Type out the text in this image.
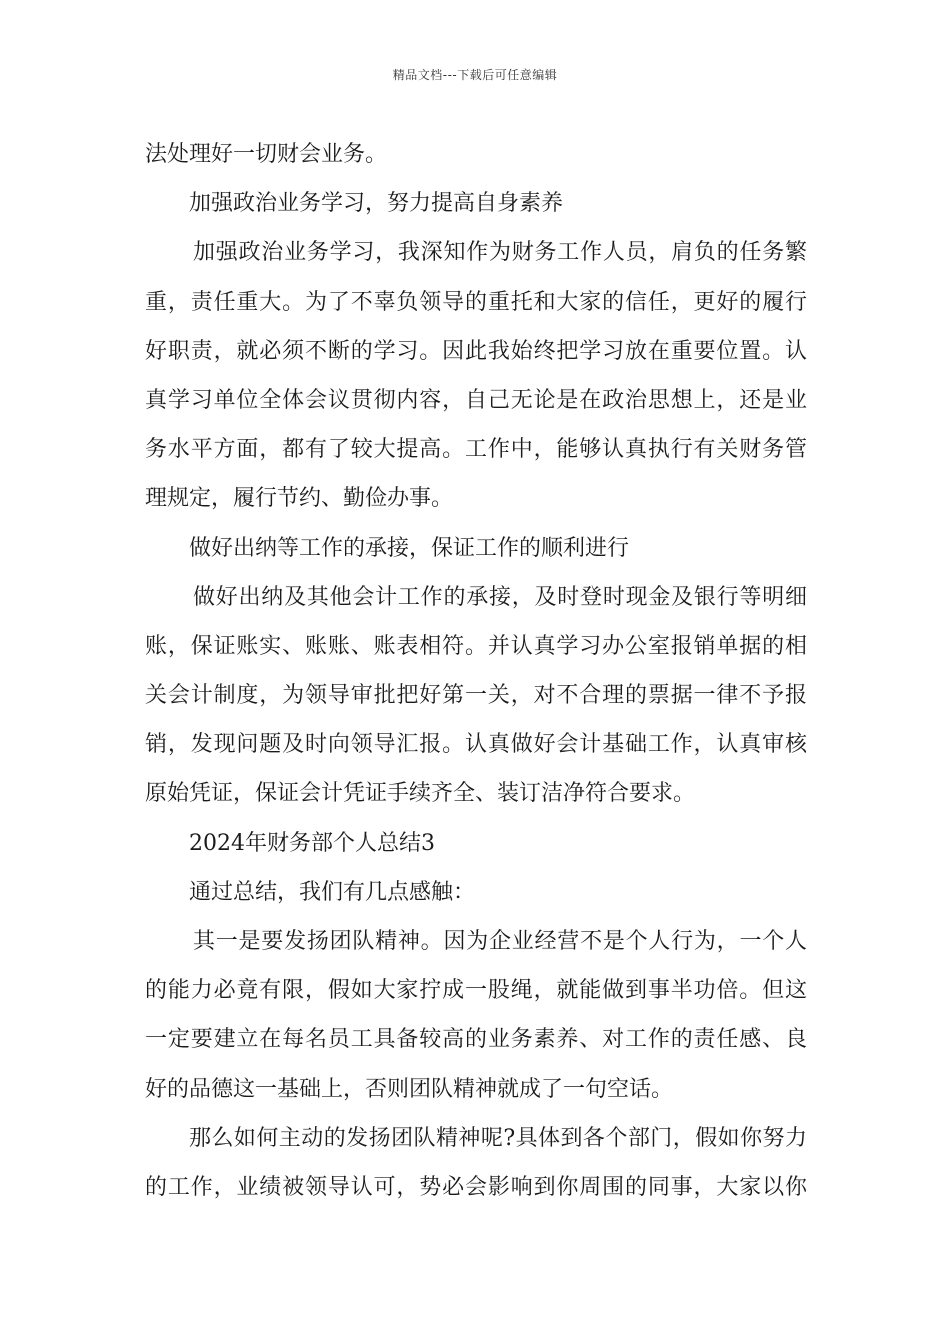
精品文档---下载后可任意编辑
法处理好一切财会业务。
加强政治业务学习，努力提高自身素养
加强政治业务学习，我深知作为财务工作人员，肩负的任务繁
重，责任重大。为了不辜负领导的重托和大家的信任，更好的履行
好职责，就必须不断的学习。因此我始终把学习放在重要位置。认
真学习单位全体会议贯彻内容，自己无论是在政治思想上，还是业
务水平方面，都有了较大提高。工作中，能够认真执行有关财务管
理规定，履行节约、勤俭办事。
做好出纳等工作的承接，保证工作的顺利进行
做好出纳及其他会计工作的承接，及时登时现金及银行等明细
账，保证账实、账账、账表相符。并认真学习办公室报销单据的相
关会计制度，为领导审批把好第一关，对不合理的票据一律不予报
销，发现问题及时向领导汇报。认真做好会计基础工作，认真审核
原始凭证，保证会计凭证手续齐全、装订洁净符合要求。
2024年财务部个人总结3
通过总结，我们有几点感触：
其一是要发扬团队精神。因为企业经营不是个人行为，一个人
的能力必竟有限，假如大家拧成一股绳，就能做到事半功倍。但这
一定要建立在每名员工具备较高的业务素养、对工作的责任感、良
好的品德这一基础上，否则团队精神就成了一句空话。
那么如何主动的发扬团队精神呢?具体到各个部门，假如你努力
的工作，业绩被领导认可，势必会影响到你周围的同事，大家以你
